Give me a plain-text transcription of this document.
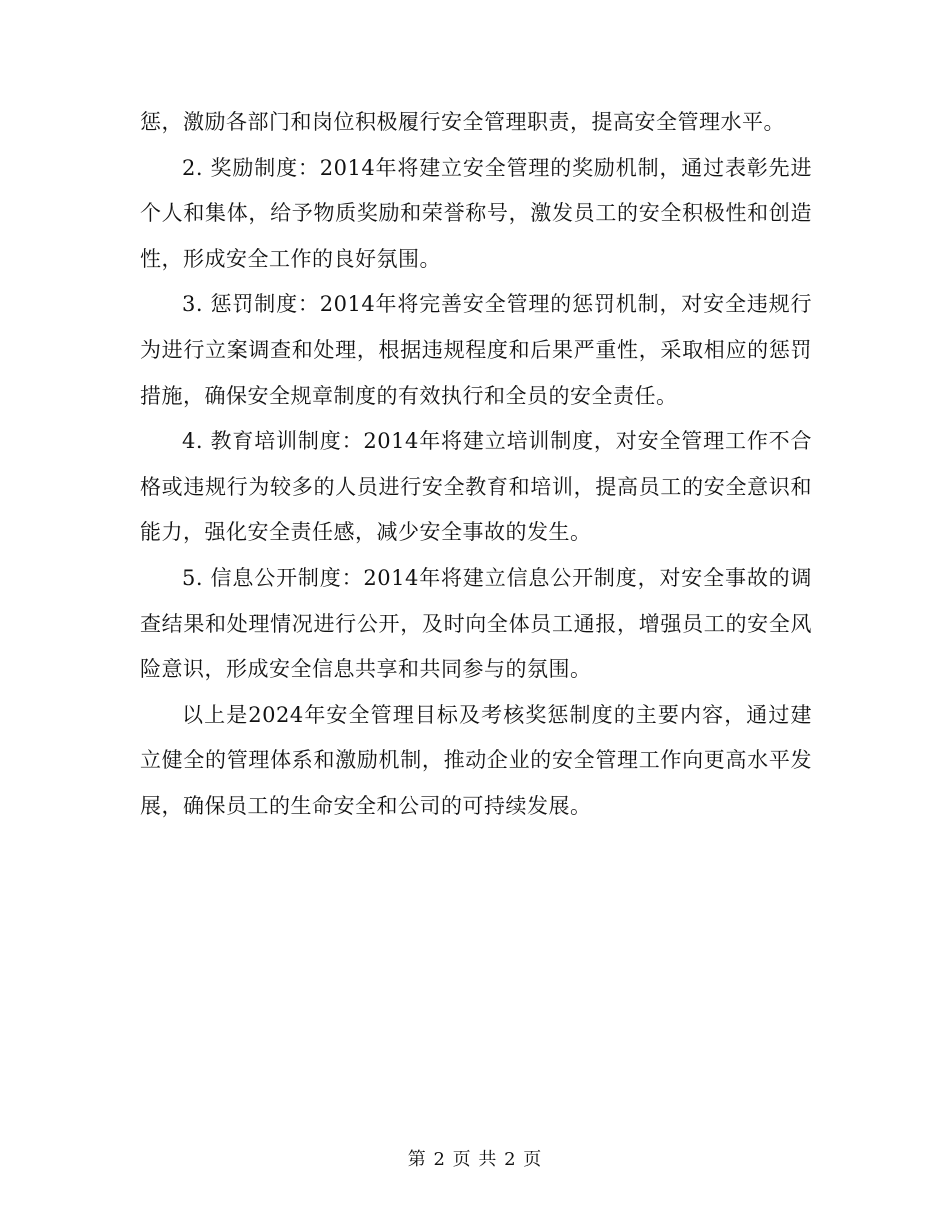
惩，激励各部门和岗位积极履行安全管理职责，提高安全管理水平。

2. 奖励制度：2014年将建立安全管理的奖励机制，通过表彰先进个人和集体，给予物质奖励和荣誉称号，激发员工的安全积极性和创造性，形成安全工作的良好氛围。

3. 惩罚制度：2014年将完善安全管理的惩罚机制，对安全违规行为进行立案调查和处理，根据违规程度和后果严重性，采取相应的惩罚措施，确保安全规章制度的有效执行和全员的安全责任。

4. 教育培训制度：2014年将建立培训制度，对安全管理工作不合格或违规行为较多的人员进行安全教育和培训，提高员工的安全意识和能力，强化安全责任感，减少安全事故的发生。

5. 信息公开制度：2014年将建立信息公开制度，对安全事故的调查结果和处理情况进行公开，及时向全体员工通报，增强员工的安全风险意识，形成安全信息共享和共同参与的氛围。

以上是2024年安全管理目标及考核奖惩制度的主要内容，通过建立健全的管理体系和激励机制，推动企业的安全管理工作向更高水平发展，确保员工的生命安全和公司的可持续发展。

第 2 页 共 2 页
